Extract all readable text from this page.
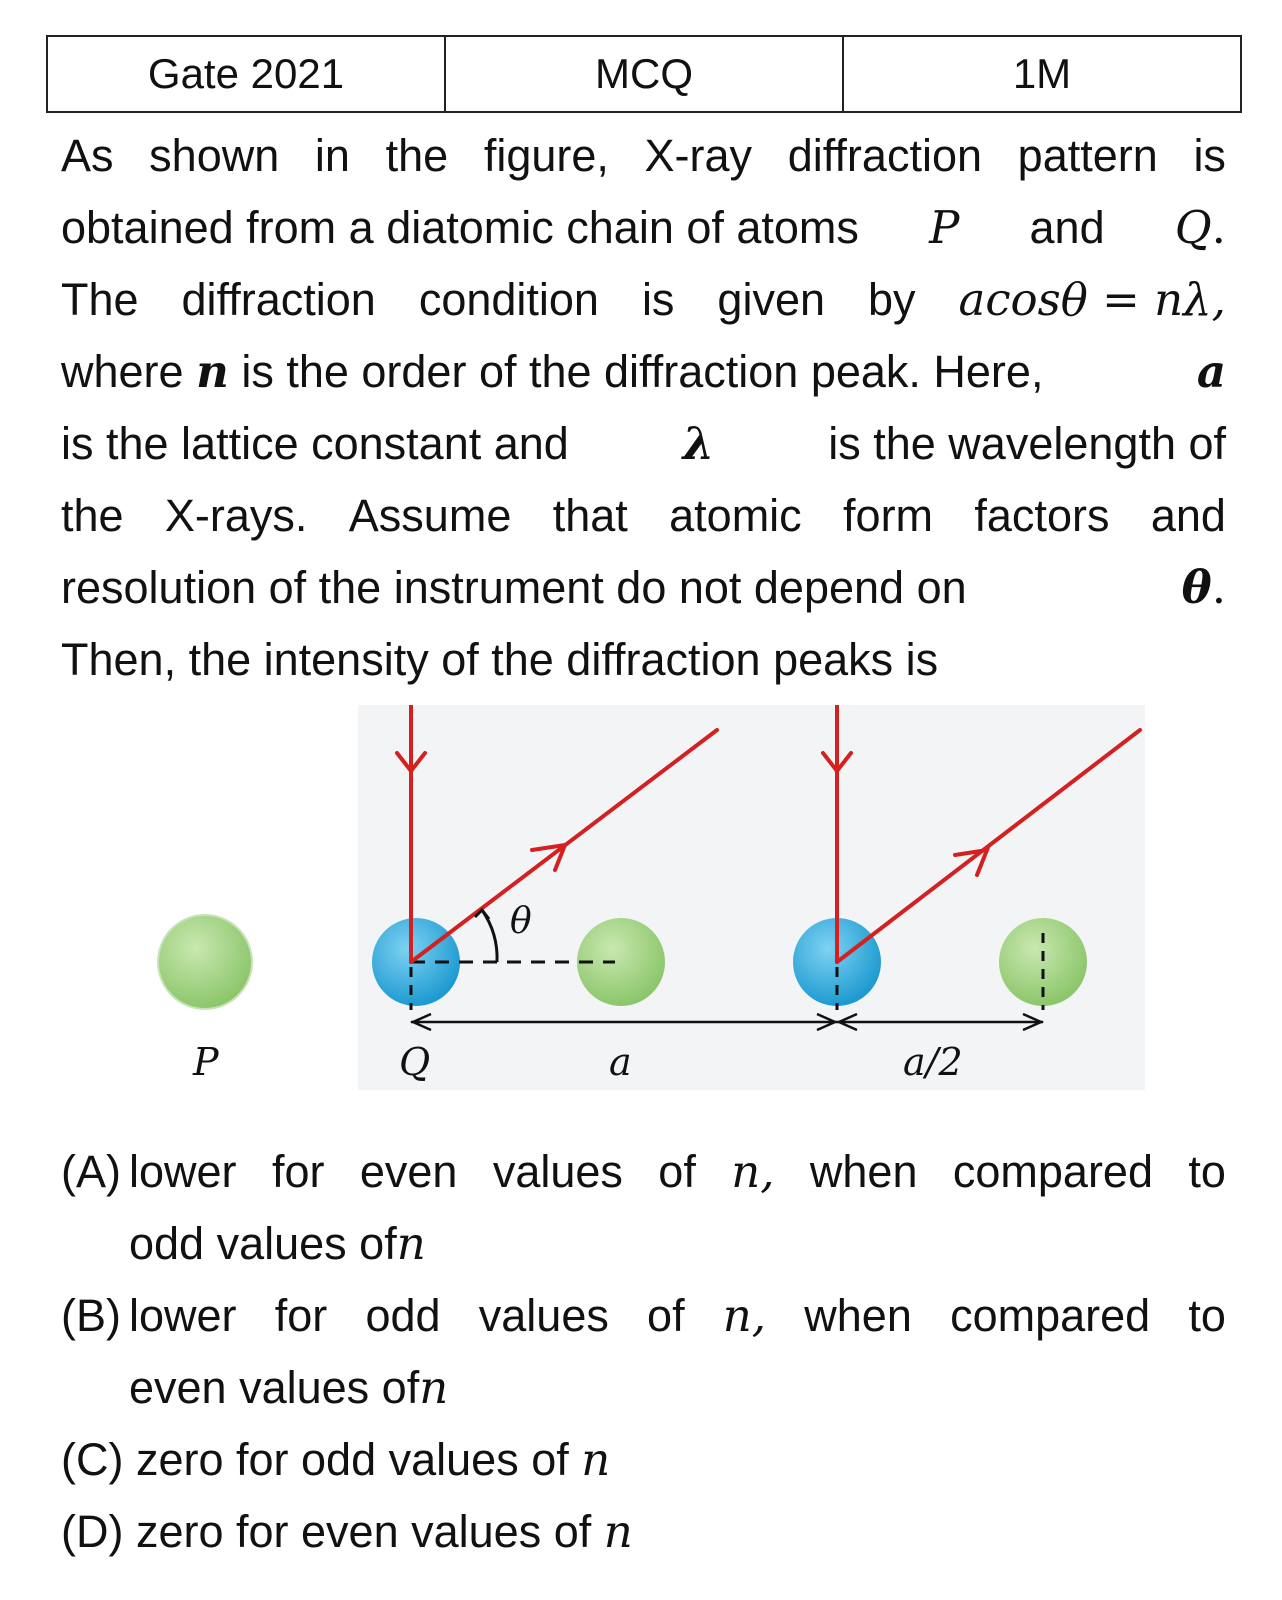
Gate 2021	MCQ	1M
As shown in the figure, X-ray diffraction pattern is
obtained from a diatomic chain of atoms P and Q.
The diffraction condition is given by acosθ = nλ,
where n is the order of the diffraction peak. Here,	a
is the lattice constant and	λ	is the wavelength of
the X-rays. Assume that atomic form factors and
resolution of the instrument do not depend on	θ.
Then, the intensity of the diffraction peaks is
θ
P	Q	a	a/2
(A) lower for even values of n, when compared to
odd values of n
(B) lower for odd values of n, when compared to
even values of n
(C) zero for odd values of n
(D) zero for even values of n
